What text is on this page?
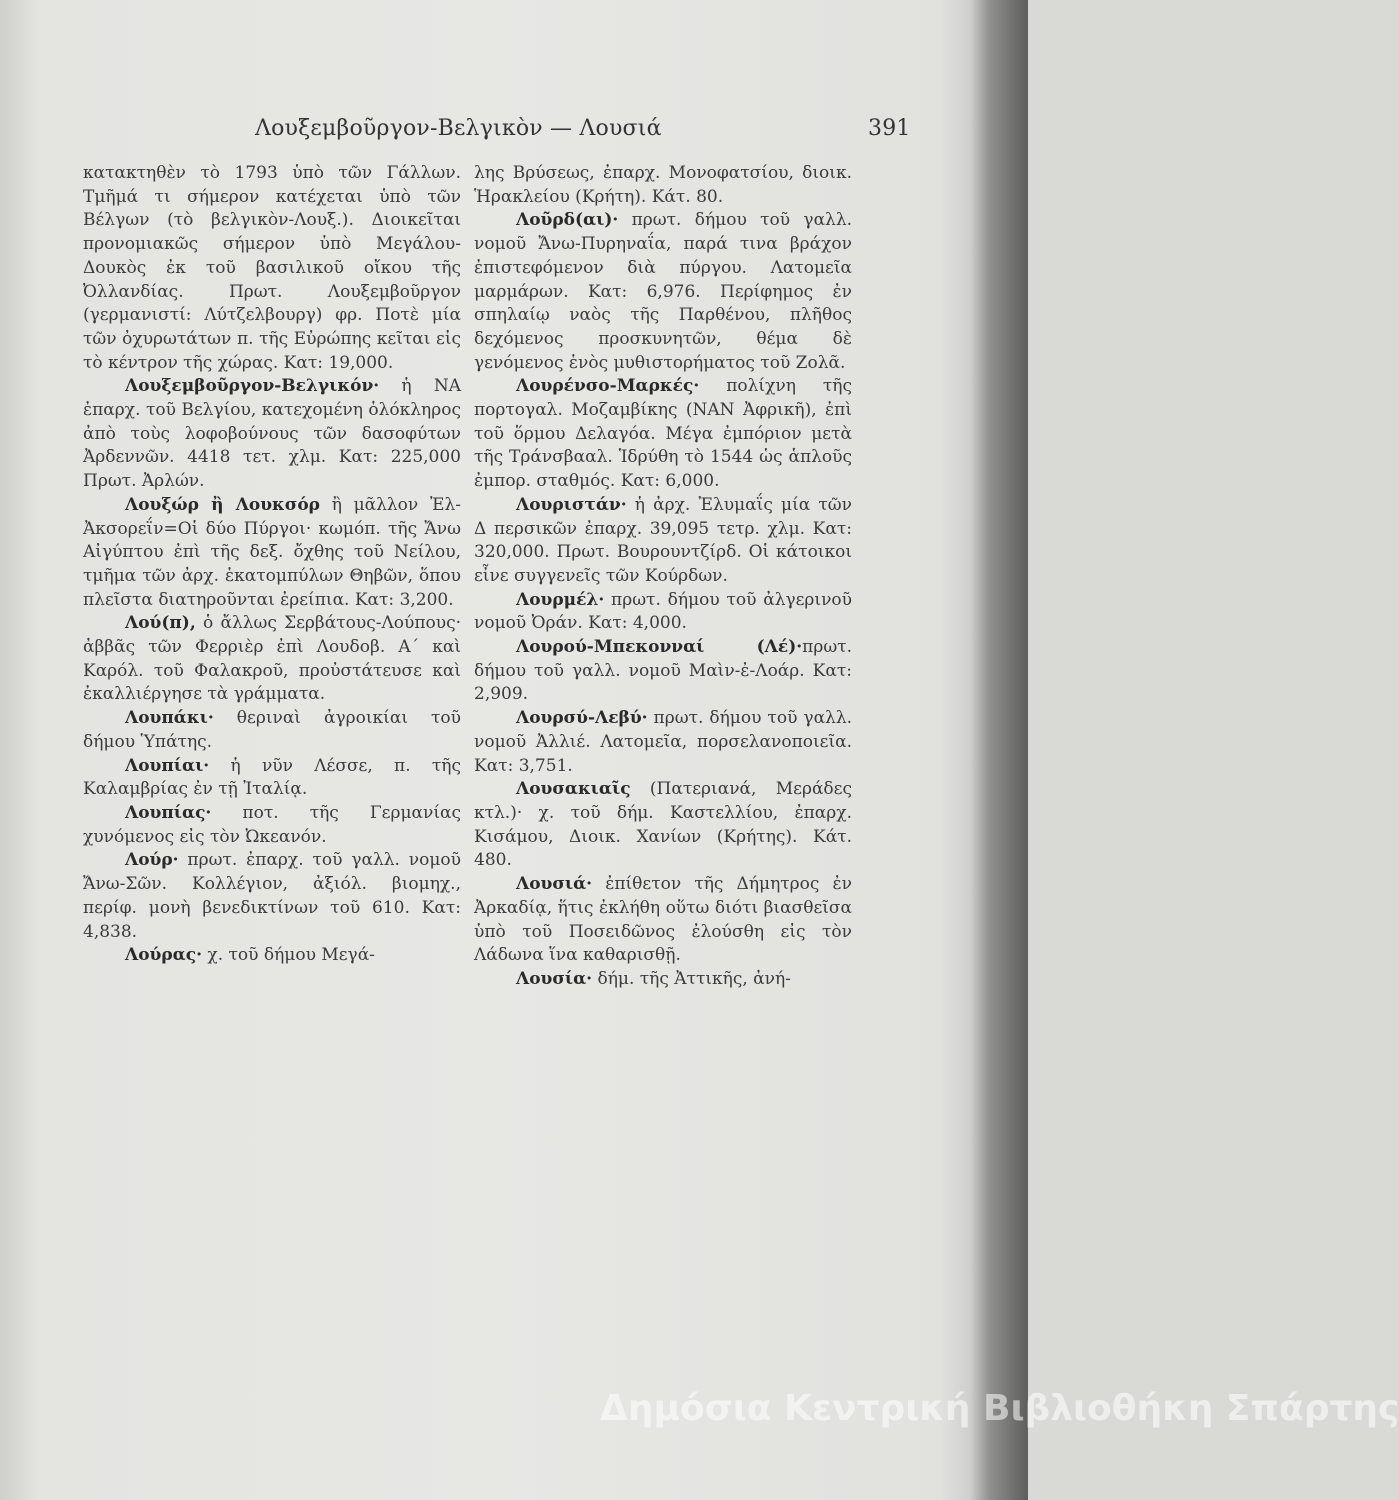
Λουξεμβοῦργον-Βελγικὸν — Λουσιά	391

κατακτηθὲν τὸ 1793 ὑπὸ τῶν Γάλλων. Τμῆμά τι σήμερον κατέχεται ὑπὸ τῶν Βέλγων (τὸ βελγικὸν-Λουξ.). Διοικεῖται προνομιακῶς σήμερον ὑπὸ Μεγάλου-Δουκὸς ἐκ τοῦ βασιλικοῦ οἴκου τῆς Ὀλλανδίας. Πρωτ. Λουξεμβοῦργον (γερμανιστί: Λύτζελβουργ) φρ. Ποτὲ μία τῶν ὀχυρωτάτων π. τῆς Εὐρώπης κεῖται εἰς τὸ κέντρον τῆς χώρας. Κατ: 19,000.

Λουξεμβοῦργον-Βελγικόν· ἡ ΝΑ ἐπαρχ. τοῦ Βελγίου, κατεχομένη ὁλόκληρος ἀπὸ τοὺς λοφοβούνους τῶν δασοφύτων Ἀρδεννῶν. 4418 τετ. χλμ. Κατ: 225,000 Πρωτ. Ἀρλών.

Λουξώρ ἢ Λουκσόρ ἢ μᾶλλον Ἐλ-Ἀκσορεΐν=Οἱ δύο Πύργοι· κωμόπ. τῆς Ἄνω Αἰγύπτου ἐπὶ τῆς δεξ. ὄχθης τοῦ Νείλου, τμῆμα τῶν ἀρχ. ἑκατομπύλων Θηβῶν, ὅπου πλεῖστα διατηροῦνται ἐρείπια. Κατ: 3,200.

Λού(π), ὁ ἄλλως Σερβάτους-Λούπους· ἀββᾶς τῶν Φερριὲρ ἐπὶ Λουδοβ. Α΄ καὶ Καρόλ. τοῦ Φαλακροῦ, προὐστάτευσε καὶ ἐκαλλιέργησε τὰ γράμματα.

Λουπάκι· θεριναὶ ἀγροικίαι τοῦ δήμου Ὑπάτης.

Λουπίαι· ἡ νῦν Λέσσε, π. τῆς Καλαμβρίας ἐν τῇ Ἰταλίᾳ.

Λουπίας· ποτ. τῆς Γερμανίας χυνόμενος εἰς τὸν Ὠκεανόν.

Λούρ· πρωτ. ἐπαρχ. τοῦ γαλλ. νομοῦ Ἄνω-Σῶν. Κολλέγιον, ἀξιόλ. βιομηχ., περίφ. μονὴ βενεδικτίνων τοῦ 610. Κατ: 4,838.

Λούρας· χ. τοῦ δήμου Μεγά-

λης Βρύσεως, ἐπαρχ. Μονοφατσίου, διοικ. Ἡρακλείου (Κρήτη). Κάτ. 80.

Λοῦρδ(αι)· πρωτ. δήμου τοῦ γαλλ. νομοῦ Ἄνω-Πυρηναΐα, παρά τινα βράχον ἐπιστεφόμενον διὰ πύργου. Λατομεῖα μαρμάρων. Κατ: 6,976. Περίφημος ἐν σπηλαίῳ ναὸς τῆς Παρθένου, πλῆθος δεχόμενος προσκυνητῶν, θέμα δὲ γενόμενος ἑνὸς μυθιστορήματος τοῦ Ζολᾶ.

Λουρένσο-Μαρκές· πολίχνη τῆς πορτογαλ. Μοζαμβίκης (ΝΑΝ Ἀφρικῆ), ἐπὶ τοῦ ὅρμου Δελαγόα. Μέγα ἐμπόριον μετὰ τῆς Τράνσβααλ. Ἱδρύθη τὸ 1544 ὡς ἁπλοῦς ἐμπορ. σταθμός. Κατ: 6,000.

Λουριστάν· ἡ ἀρχ. Ἐλυμαΐς μία τῶν Δ περσικῶν ἐπαρχ. 39,095 τετρ. χλμ. Κατ: 320,000. Πρωτ. Βουρουντζίρδ. Οἱ κάτοικοι εἶνε συγγενεῖς τῶν Κούρδων.

Λουρμέλ· πρωτ. δήμου τοῦ ἀλγερινοῦ νομοῦ Ὀράν. Κατ: 4,000.

Λουρού-Μπεκονναί (Λέ)·πρωτ. δήμου τοῦ γαλλ. νομοῦ Μαὶν-ἐ-Λοάρ. Κατ: 2,909.

Λουρσύ-Λεβύ· πρωτ. δήμου τοῦ γαλλ. νομοῦ Ἀλλιέ. Λατομεῖα, πορσελανοποιεῖα. Κατ: 3,751.

Λουσακιαῖς (Πατεριανά, Μεράδες κτλ.)· χ. τοῦ δήμ. Καστελλίου, ἐπαρχ. Κισάμου, Διοικ. Χανίων (Κρήτης). Κάτ. 480.

Λουσιά· ἐπίθετον τῆς Δήμητρος ἐν Ἀρκαδίᾳ, ἥτις ἐκλήθη οὕτω διότι βιασθεῖσα ὑπὸ τοῦ Ποσειδῶνος ἐλούσθη εἰς τὸν Λάδωνα ἵνα καθαρισθῇ.

Λουσία· δήμ. τῆς Ἀττικῆς, ἀνή-

Δημόσια Κεντρική Βιβλιοθήκη Σπάρτης
